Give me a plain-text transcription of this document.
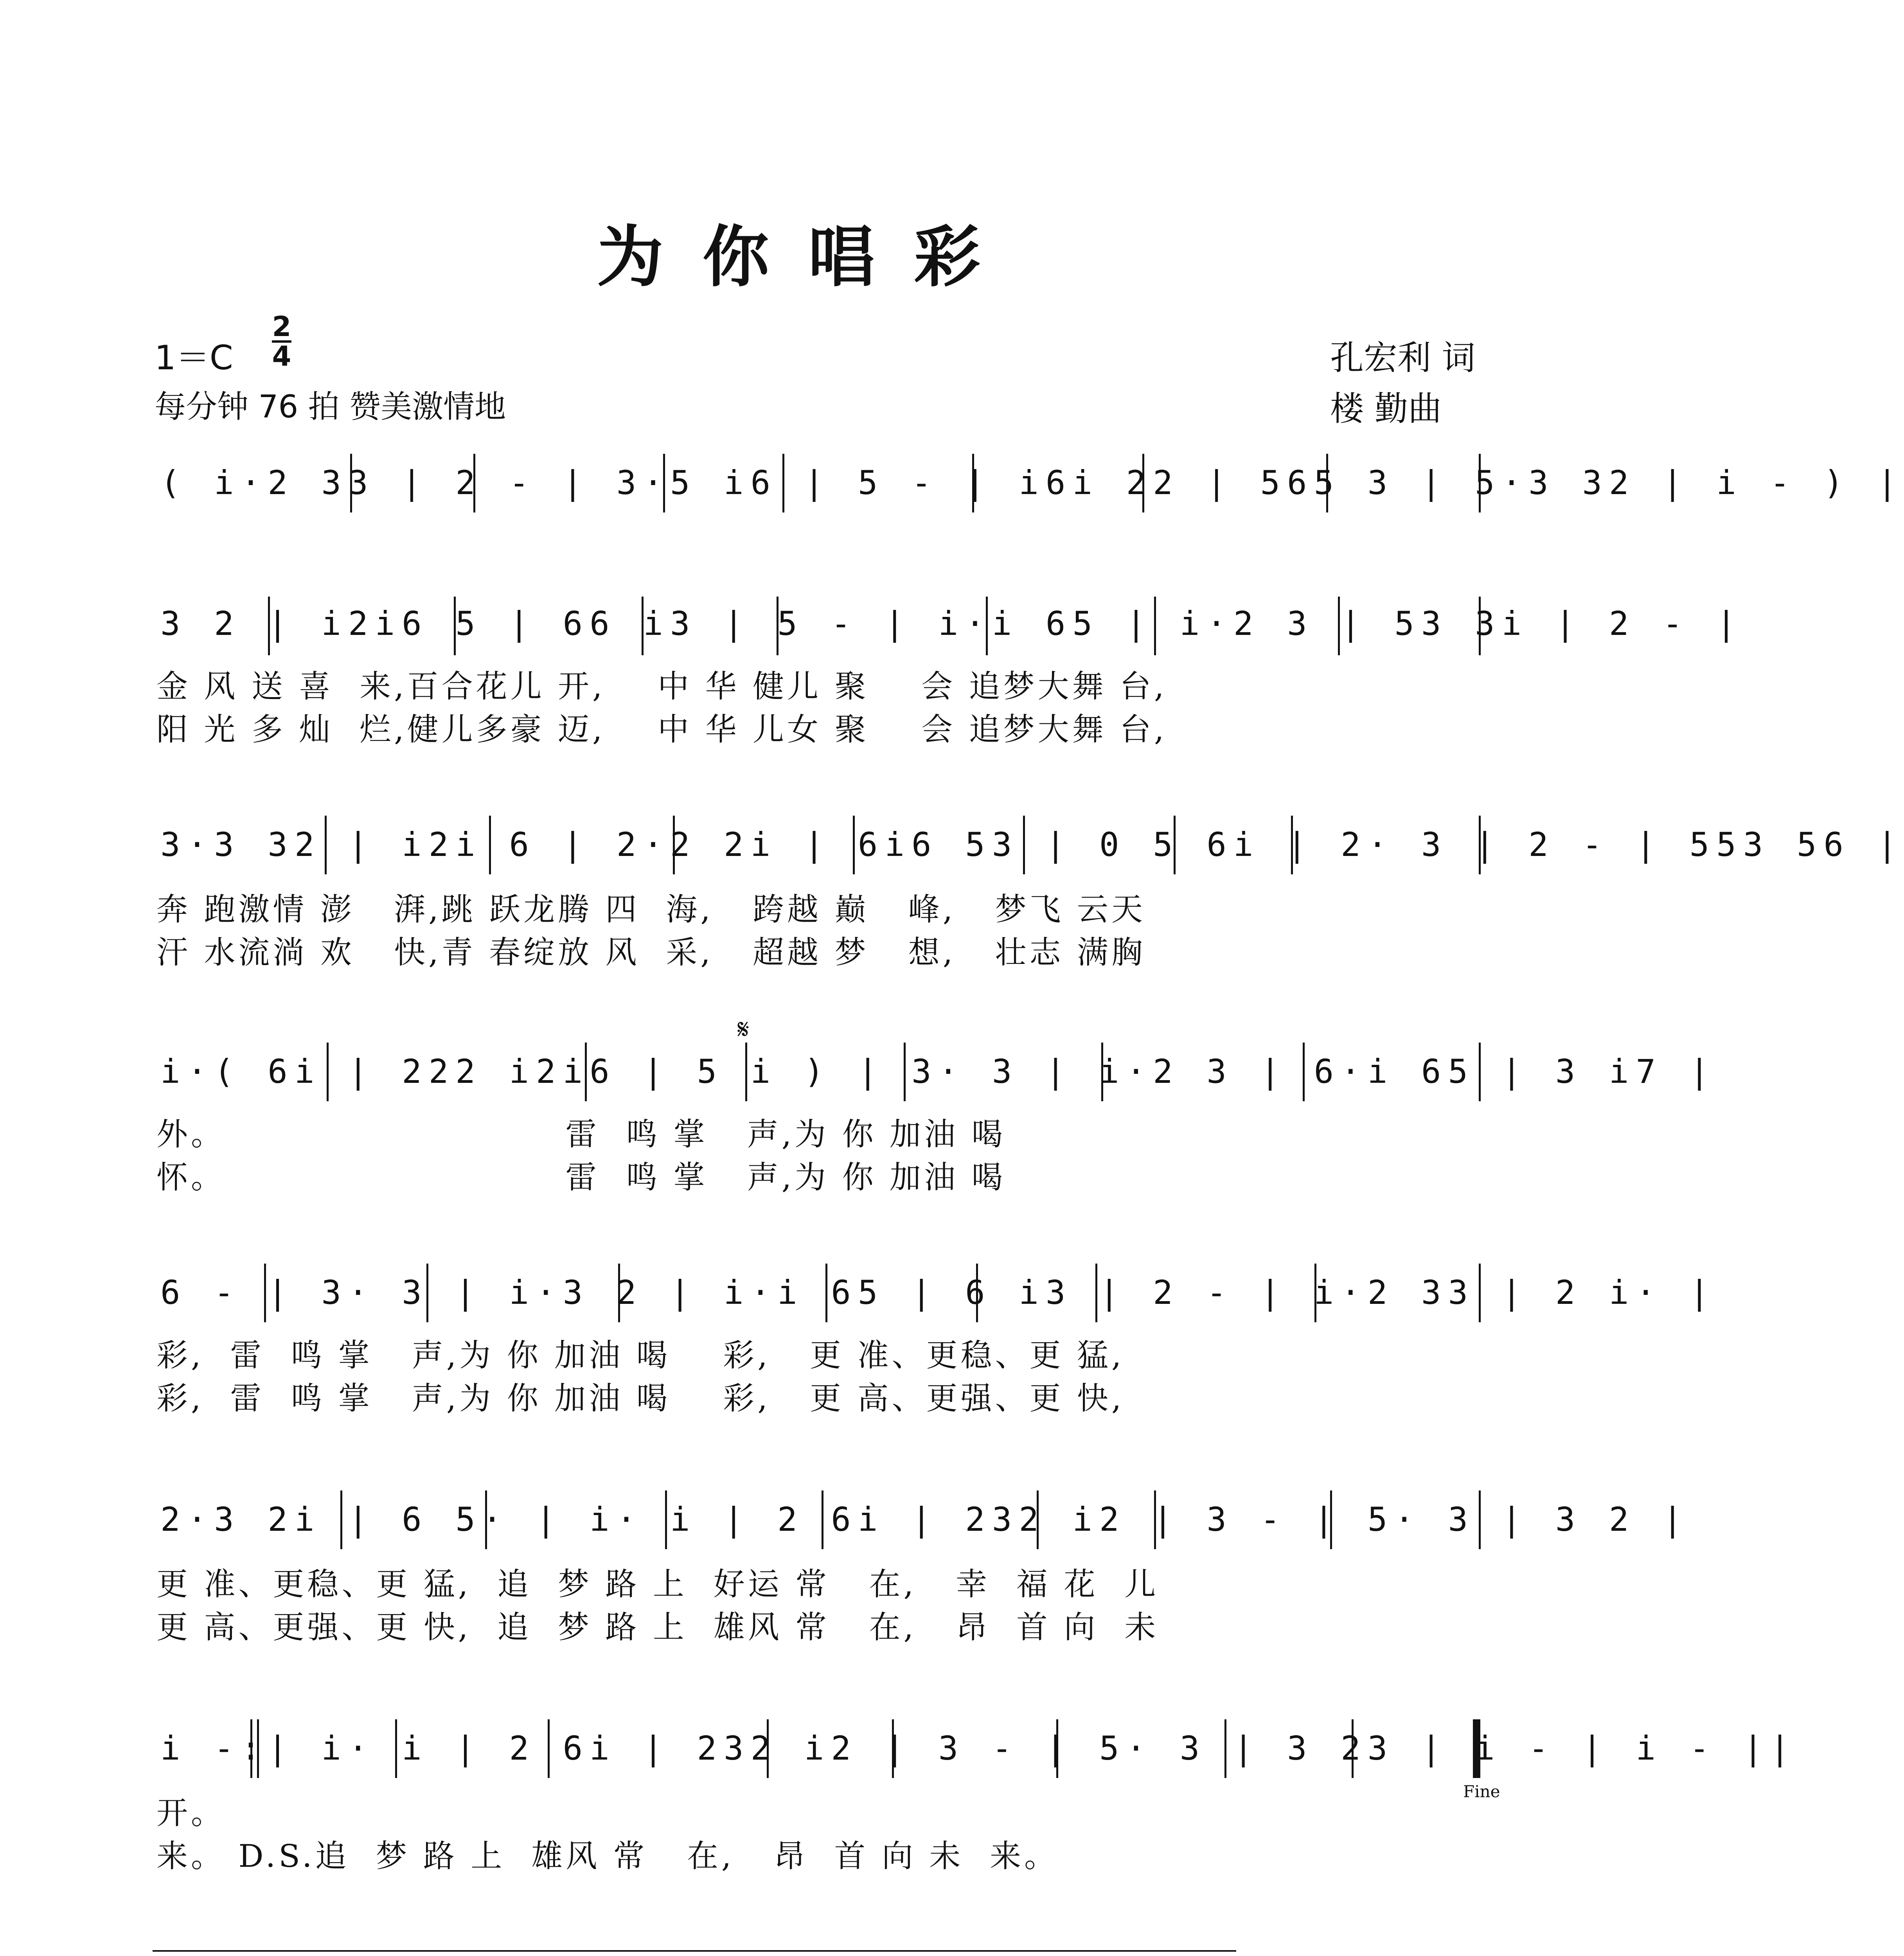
为你唱彩
1＝C
2
4
每分钟 76 拍 赞美激情地
孔宏利 词
楼 勤曲
( i·2 33 | 2 - | 3·5 i6 | 5 - | i6i 22 | 565 3 | 5·3 32 | i - ) |
3 2 | i2i6 5 | 66 i3 | 5 - | i·i 65 | i·2 3 | 53 3i | 2 - |
金 风 送 喜  来,百合花儿 开,    中 华 健儿 聚    会 追梦大舞 台,
阳 光 多 灿  烂,健儿多豪 迈,    中 华 儿女 聚    会 追梦大舞 台,
3·3 32 | i2i 6 | 2·2 2i | 6i6 53 | 0 5 6i | 2· 3 | 2 - | 553 56 |
奔 跑激情 澎   湃,跳 跃龙腾 四  海,   跨越 巅   峰,   梦飞 云天
汗 水流淌 欢   快,青 春绽放 风  采,   超越 梦   想,   壮志 满胸
𝄋
i·( 6i | 222 i2i6 | 5 i ) | 3· 3 | i·2 3 | 6·i 65 | 3 i7 |
外。                          雷  鸣 掌   声,为 你 加油 喝
怀。                          雷  鸣 掌   声,为 你 加油 喝
6 - | 3· 3 | i·3 2 | i·i 65 | 6 i3 | 2 - | i·2 33 | 2 i· |
彩,  雷  鸣 掌   声,为 你 加油 喝    彩,   更 准、更稳、更 猛,
彩,  雷  鸣 掌   声,为 你 加油 喝    彩,   更 高、更强、更 快,
2·3 2i | 6 5· | i· i | 2 6i | 232 i2 | 3 - | 5· 3 | 3 2 |
更 准、更稳、更 猛,  追  梦 路 上  好运 常   在,   幸  福 花  儿
更 高、更强、更 快,  追  梦 路 上  雄风 常   在,   昂  首 向  未
i -:| i· i | 2 6i | 232 i2 | 3 - | 5· 3 | 3 23 | i - | i - ||
Fine
开。
来。 D.S.追  梦 路 上  雄风 常   在,   昂  首 向 未  来。
